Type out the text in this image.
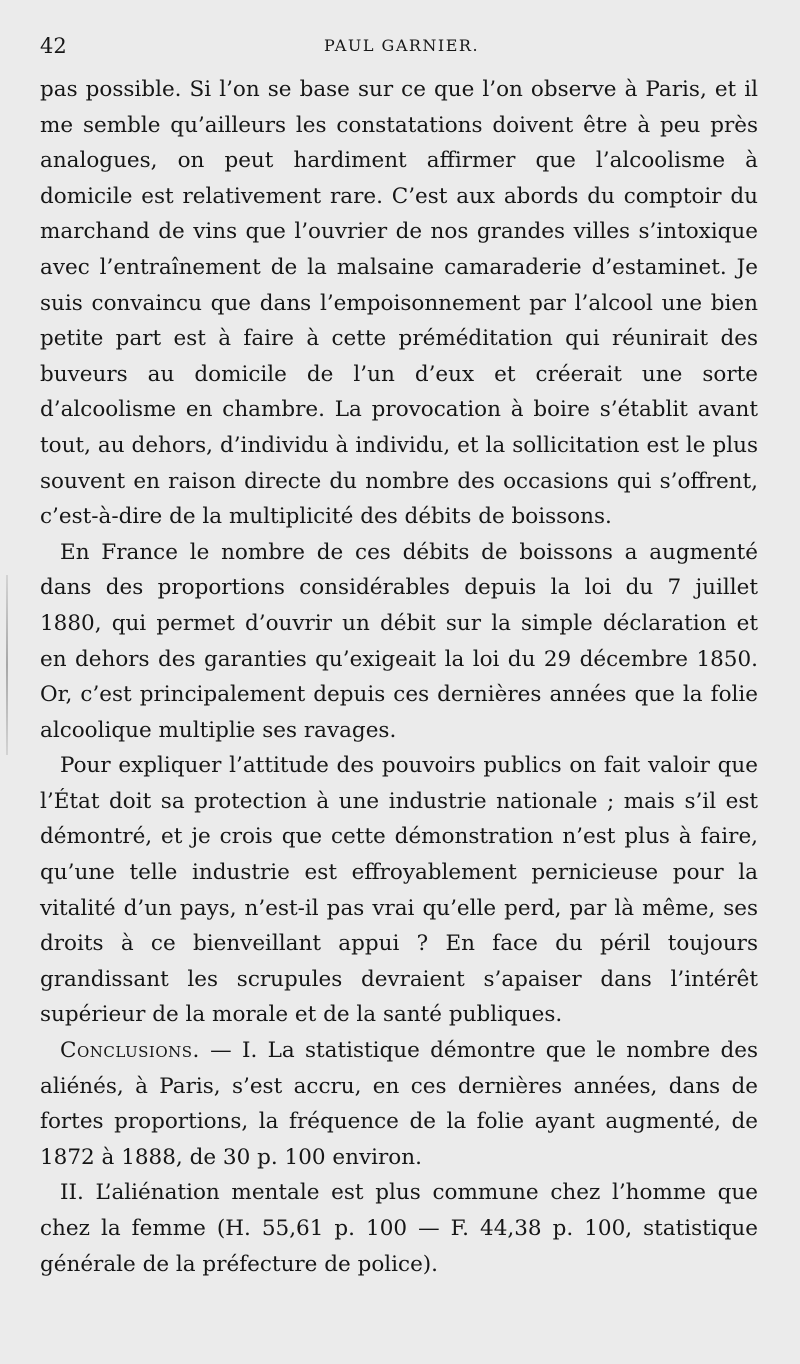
42	PAUL GARNIER.

pas possible. Si l’on se base sur ce que l’on observe à Paris, et il me semble qu’ailleurs les constatations doivent être à peu près analogues, on peut hardiment affirmer que l’alcoolisme à domicile est relativement rare. C’est aux abords du comptoir du marchand de vins que l’ouvrier de nos grandes villes s’intoxique avec l’entraînement de la malsaine camaraderie d’estaminet. Je suis convaincu que dans l’empoisonnement par l’alcool une bien petite part est à faire à cette préméditation qui réunirait des buveurs au domicile de l’un d’eux et créerait une sorte d’alcoolisme en chambre. La provocation à boire s’établit avant tout, au dehors, d’individu à individu, et la sollicitation est le plus souvent en raison directe du nombre des occasions qui s’offrent, c’est-à-dire de la multiplicité des débits de boissons.

En France le nombre de ces débits de boissons a augmenté dans des proportions considérables depuis la loi du 7 juillet 1880, qui permet d’ouvrir un débit sur la simple déclaration et en dehors des garanties qu’exigeait la loi du 29 décembre 1850. Or, c’est principalement depuis ces dernières années que la folie alcoolique multiplie ses ravages.

Pour expliquer l’attitude des pouvoirs publics on fait valoir que l’État doit sa protection à une industrie nationale ; mais s’il est démontré, et je crois que cette démonstration n’est plus à faire, qu’une telle industrie est effroyablement pernicieuse pour la vitalité d’un pays, n’est-il pas vrai qu’elle perd, par là même, ses droits à ce bienveillant appui ? En face du péril toujours grandissant les scrupules devraient s’apaiser dans l’intérêt supérieur de la morale et de la santé publiques.

Conclusions. — I. La statistique démontre que le nombre des aliénés, à Paris, s’est accru, en ces dernières années, dans de fortes proportions, la fréquence de la folie ayant augmenté, de 1872 à 1888, de 30 p. 100 environ.

II. L’aliénation mentale est plus commune chez l’homme que chez la femme (H. 55,61 p. 100 — F. 44,38 p. 100, statistique générale de la préfecture de police).
